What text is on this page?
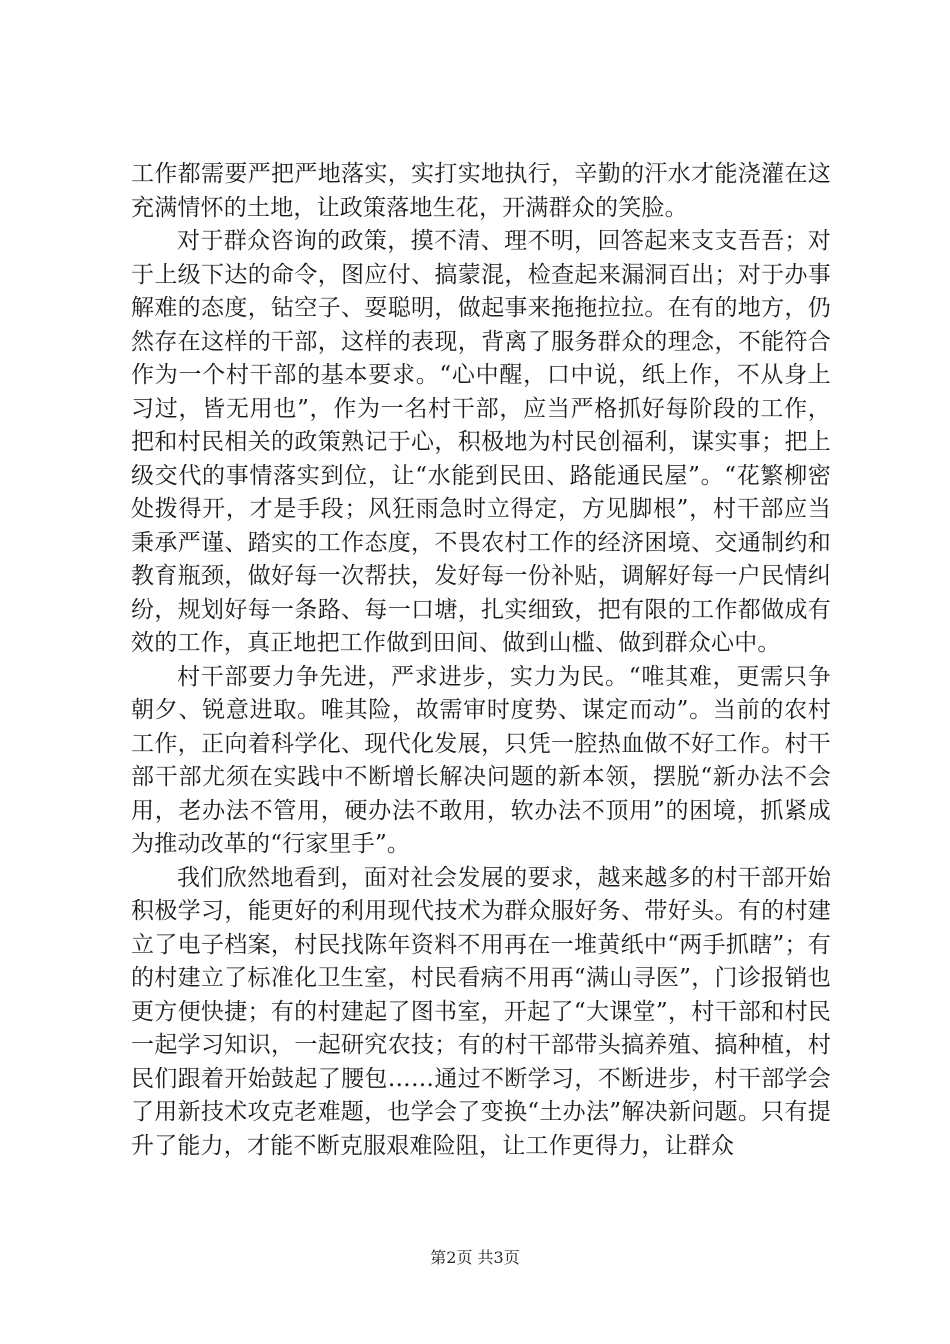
工作都需要严把严地落实，实打实地执行，辛勤的汗水才能浇灌在这充满情怀的土地，让政策落地生花，开满群众的笑脸。

对于群众咨询的政策，摸不清、理不明，回答起来支支吾吾；对于上级下达的命令，图应付、搞蒙混，检查起来漏洞百出；对于办事解难的态度，钻空子、耍聪明，做起事来拖拖拉拉。在有的地方，仍然存在这样的干部，这样的表现，背离了服务群众的理念，不能符合作为一个村干部的基本要求。“心中醒，口中说，纸上作，不从身上习过，皆无用也”，作为一名村干部，应当严格抓好每阶段的工作，把和村民相关的政策熟记于心，积极地为村民创福利，谋实事；把上级交代的事情落实到位，让“水能到民田、路能通民屋”。“花繁柳密处拨得开，才是手段；风狂雨急时立得定，方见脚根”，村干部应当秉承严谨、踏实的工作态度，不畏农村工作的经济困境、交通制约和教育瓶颈，做好每一次帮扶，发好每一份补贴，调解好每一户民情纠纷，规划好每一条路、每一口塘，扎实细致，把有限的工作都做成有效的工作，真正地把工作做到田间、做到山槛、做到群众心中。

村干部要力争先进，严求进步，实力为民。“唯其难，更需只争朝夕、锐意进取。唯其险，故需审时度势、谋定而动”。当前的农村工作，正向着科学化、现代化发展，只凭一腔热血做不好工作。村干部干部尤须在实践中不断增长解决问题的新本领，摆脱“新办法不会用，老办法不管用，硬办法不敢用，软办法不顶用”的困境，抓紧成为推动改革的“行家里手”。

我们欣然地看到，面对社会发展的要求，越来越多的村干部开始积极学习，能更好的利用现代技术为群众服好务、带好头。有的村建立了电子档案，村民找陈年资料不用再在一堆黄纸中“两手抓瞎”；有的村建立了标准化卫生室，村民看病不用再“满山寻医”，门诊报销也更方便快捷；有的村建起了图书室，开起了“大课堂”，村干部和村民一起学习知识，一起研究农技；有的村干部带头搞养殖、搞种植，村民们跟着开始鼓起了腰包……通过不断学习，不断进步，村干部学会了用新技术攻克老难题，也学会了变换“土办法”解决新问题。只有提升了能力，才能不断克服艰难险阻，让工作更得力，让群众

第2页 共3页
